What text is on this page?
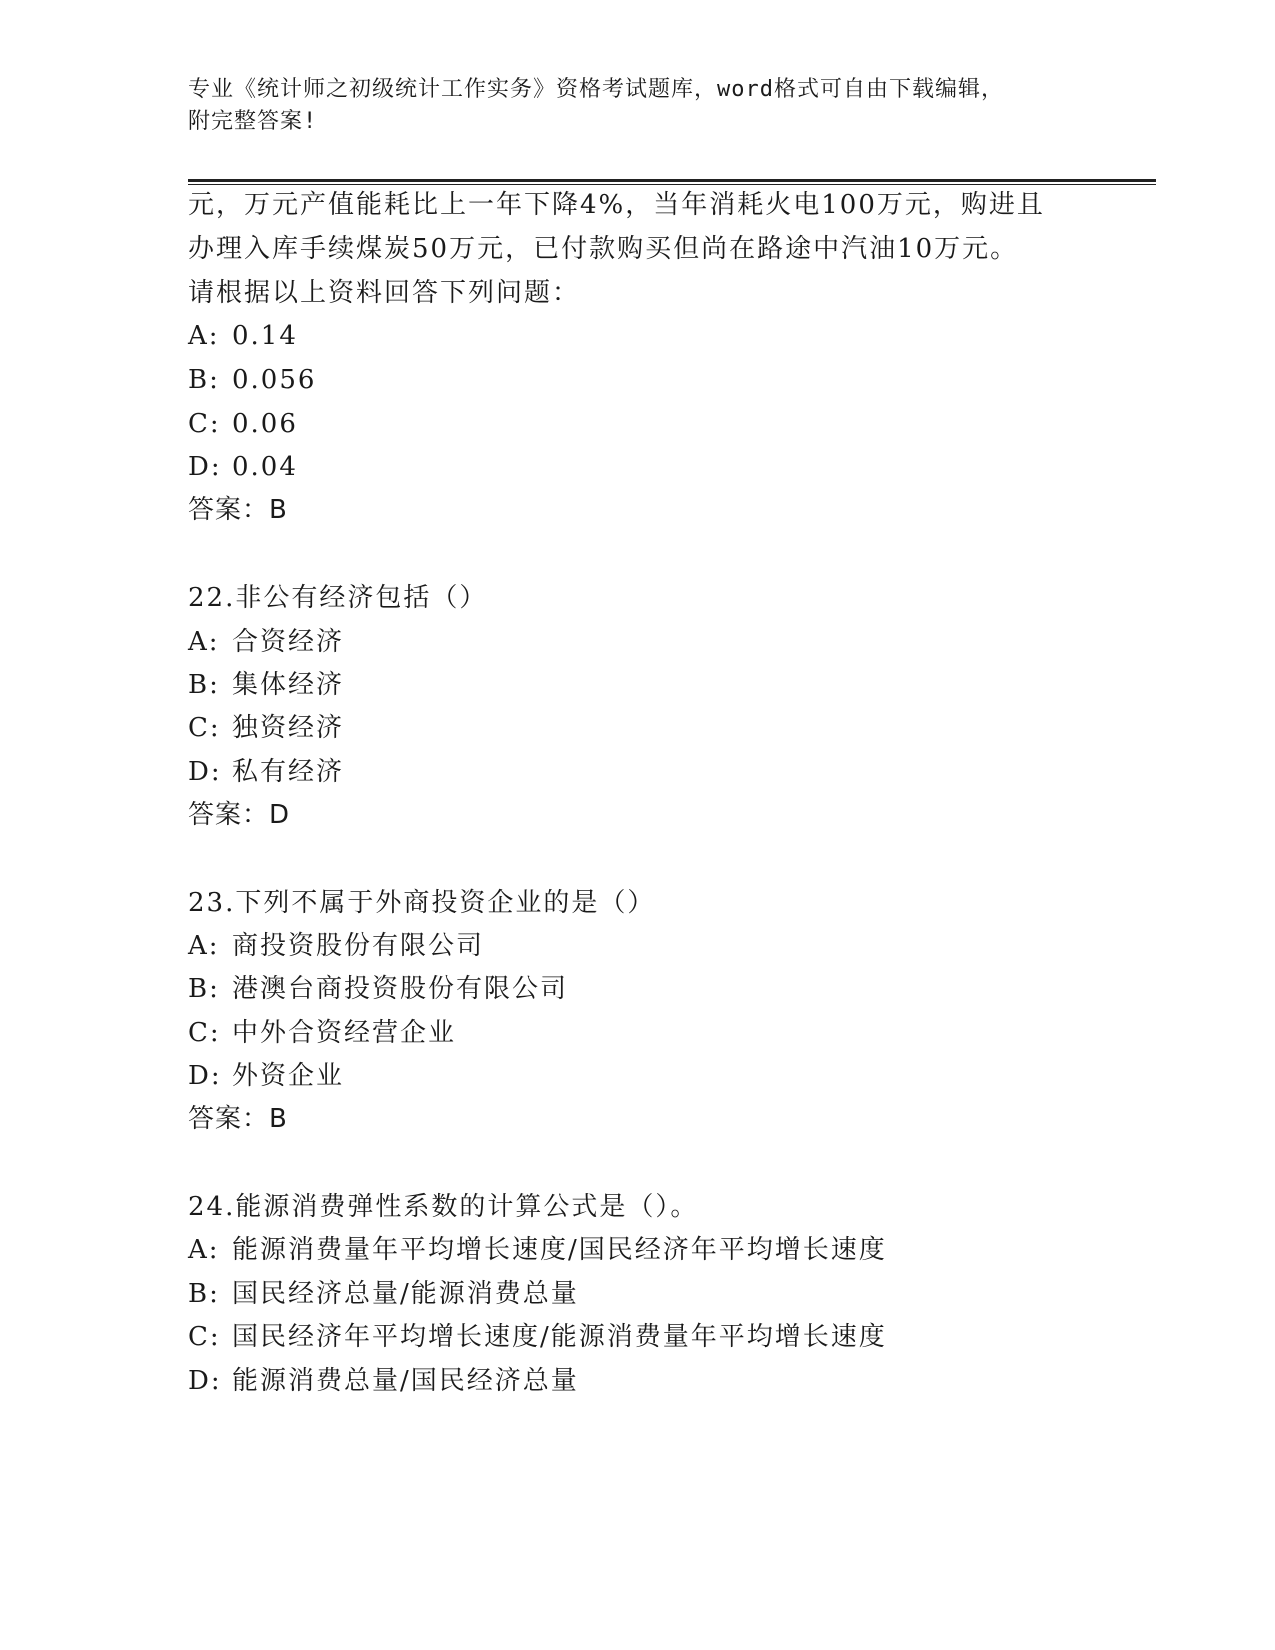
专业《统计师之初级统计工作实务》资格考试题库，word格式可自由下载编辑，
附完整答案!
元，万元产值能耗比上一年下降4%，当年消耗火电100万元，购进且
办理入库手续煤炭50万元，已付款购买但尚在路途中汽油10万元。
请根据以上资料回答下列问题：
A: 0.14
B: 0.056
C: 0.06
D: 0.04
答案：B
22.非公有经济包括（）
A: 合资经济
B: 集体经济
C: 独资经济
D: 私有经济
答案：D
23.下列不属于外商投资企业的是（）
A: 商投资股份有限公司
B: 港澳台商投资股份有限公司
C: 中外合资经营企业
D: 外资企业
答案：B
24.能源消费弹性系数的计算公式是（）。
A: 能源消费量年平均增长速度/国民经济年平均增长速度
B: 国民经济总量/能源消费总量
C: 国民经济年平均增长速度/能源消费量年平均增长速度
D: 能源消费总量/国民经济总量
